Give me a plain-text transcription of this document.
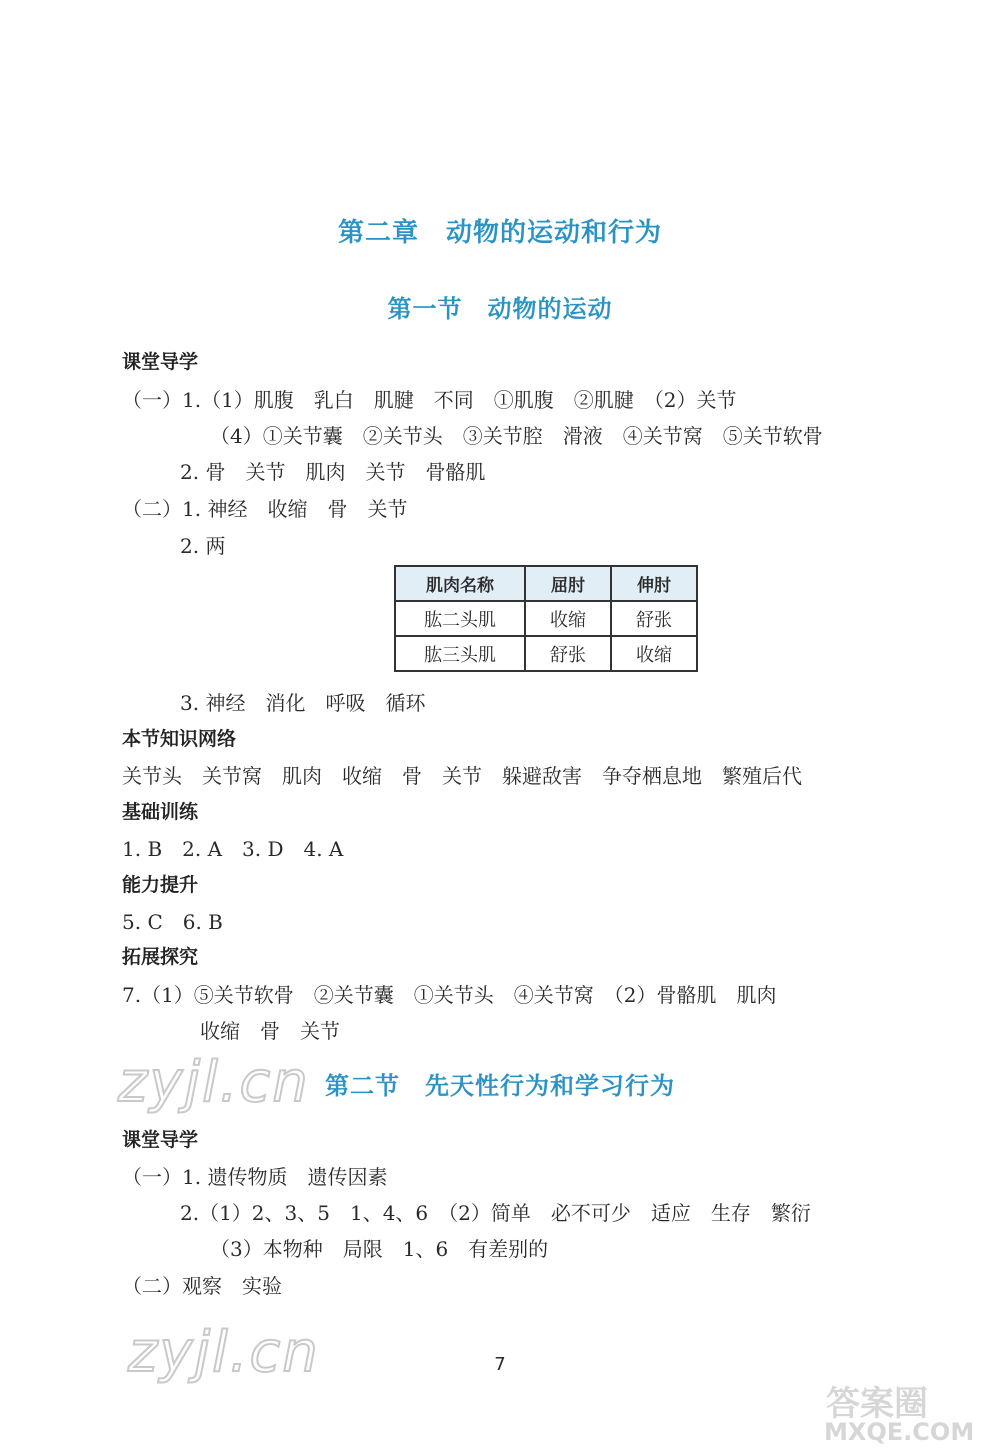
第二章　动物的运动和行为
第一节　动物的运动
课堂导学
（一）1.（1）肌腹　乳白　肌腱　不同　①肌腹　②肌腱　（2）关节
（4）①关节囊　②关节头　③关节腔　滑液　④关节窝　⑤关节软骨
2. 骨　关节　肌肉　关节　骨骼肌
（二）1. 神经　收缩　骨　关节
2. 两
肌肉名称	屈肘	伸肘
肱二头肌	收缩	舒张
肱三头肌	舒张	收缩
3. 神经　消化　呼吸　循环
本节知识网络
关节头　关节窝　肌肉　收缩　骨　关节　躲避敌害　争夺栖息地　繁殖后代
基础训练
1. B　2. A　3. D　4. A
能力提升
5. C　6. B
拓展探究
7.（1）⑤关节软骨　②关节囊　①关节头　④关节窝　（2）骨骼肌　肌肉
收缩　骨　关节
zyjl.cn 第二节　先天性行为和学习行为
课堂导学
（一）1. 遗传物质　遗传因素
2.（1）2、3、5　1、4、6　（2）简单　必不可少　适应　生存　繁衍
（3）本物种　局限　1、6　有差别的
（二）观察　实验
zyjl.cn	7
答案圈
MXQE.COM
